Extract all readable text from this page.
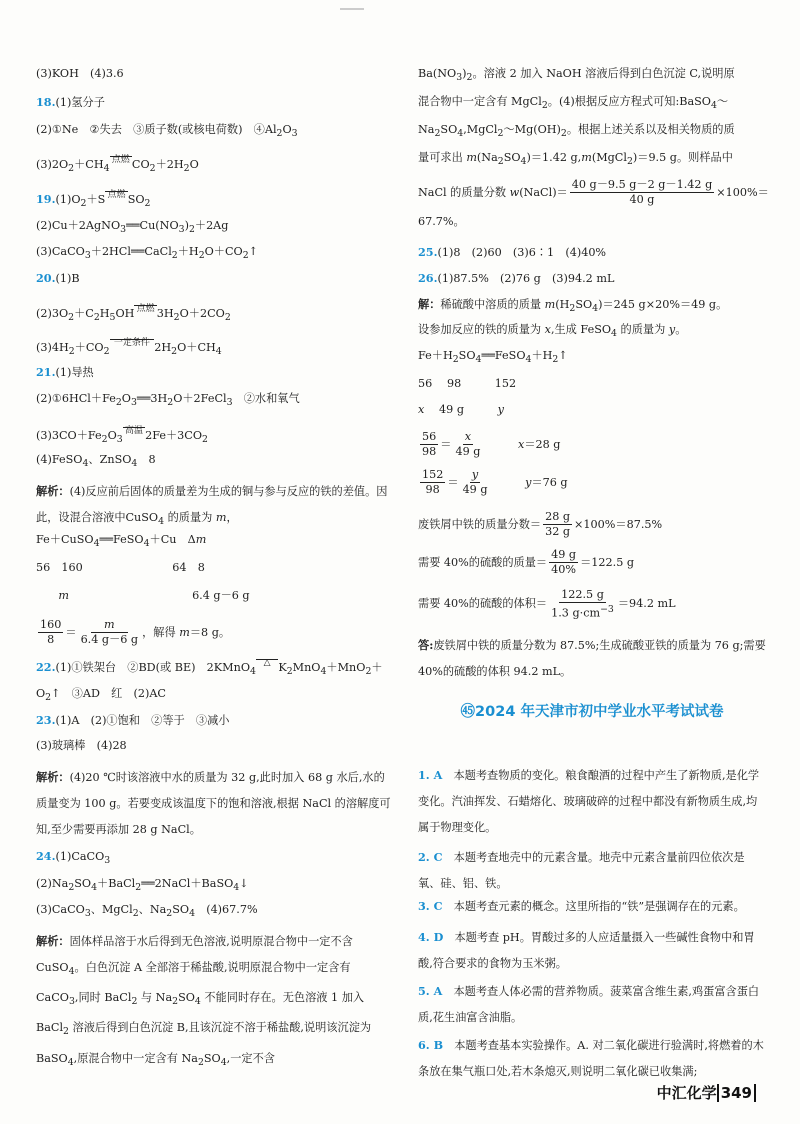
(3)KOH　(4)3.6
18.(1)氢分子
(2)①Ne　②失去　③质子数(或核电荷数)　$④Al_2O_3$
$(3)2O_2+CH_4$
点燃
　　 $CO_2+2H_2O$
$19.(1)O_2+S$ 点燃
　　 $SO_2$
$(2)Cu+2AgNO_3══Cu(NO_3)_2+2Ag$
$(3)CaCO_3+2HCl══CaCl_2+H_2O+CO_2↑$
20.(1)B
$(2)3O_2+C_2H_5OH$ 点燃
　　 $3H_2O+2CO_2$
$(3)4H_2+CO_2$
一定条件
　　　　 $2H_2O+CH_4$
21.(1)导热
$(2)①6HCl+Fe_2O_3══3H_2O+2FeCl_3$　②水和氧气
$(3)3CO+Fe_2O_3$
高温
　　 $2Fe+3CO_2$
(4)FeSO$_4$、ZnSO$_4$　8
解析：(4)反应前后固体的质量差为生成的铜与参与反应的铁的差值。因此，设混合溶液中CuSO$_4$ 的质量为 m，
Fe＋CuSO$_4$══FeSO$_4$＋Cu　Δm
56　160　　　　　　　　64　8
　　m　　　　　　　　　　　6.4 g－6 g
$\frac{160}{8}$ ＝
　 $\frac{m}{6.4 g-6 g}$ ，解得 m＝8 g。
22.(1)①铁架台　②BD(或 BE)　2KMnO$_4$
△
　　 $K_2MnO_4+MnO_2+$
$O_2↑$　③AD　红　(2)AC
23.(1)A　(2)①饱和　②等于　③减小
(3)玻璃棒　(4)28
解析：(4)20 ℃时该溶液中水的质量为 32 g,此时加入 68 g 水后,水的质量变为 100 g。若要变成该温度下的饱和溶液,根据 NaCl 的溶解度可知,至少需要再添加 28 g NaCl。
24.(1)CaCO$_3$
$(2)Na_2SO_4+BaCl_2══2NaCl+BaSO_4↓$
(3)CaCO$_3$、MgCl$_2$、$Na_2SO_4$　(4)67.7%
解析：固体样品溶于水后得到无色溶液,说明原混合物中一定不含 CuSO$_4$。白色沉淀 A 全部溶于稀盐酸,说明原混合物中一定含有 CaCO$_3$,同时 BaCl$_2$ 与 $Na_2SO_4$ 不能同时存在。无色溶液 1 加入 BaCl$_2$ 溶液后得到白色沉淀 B,且该沉淀不溶于稀盐酸,说明该沉淀为 BaSO$_4$,原混合物中一定含有 $Na_2SO_4$,一定不含
$Ba(NO_3)_2$。溶液 2 加入 NaOH 溶液后得到白色沉淀 C,说明原
混合物中一定含有 MgCl$_2$。(4)根据反应方程式可知:BaSO$_4$～
$Na_2SO_4,MgCl_2\sim Mg(OH)_2$。根据上述关系以及相关物质的质
量可求出 $m(Na_2SO_4)=1.42$ g,m(MgCl$_2$)＝9.5 g。则样品中
NaCl 的质量分数 w(NaCl)＝ $\frac{40 g-9.5 g-2 g-1.42 g}{40 g} \times 100\%=$
67.7%。
25.(1)8　(2)60　(3)6∶1　(4)40%
26.(1)87.5%　(2)76 g　(3)94.2 mL
解：稀硫酸中溶质的质量 $m(H_2SO_4)=245$ g×20%＝49 g。
设参加反应的铁的质量为 x,生成 FeSO$_4$ 的质量为 y。
$Fe+H_2SO_4══FeSO_4+H_2↑$
56　 98　　　152
x　 49 g　　　y
$\frac{56}{98} = \frac{x}{49 g}$
　　　	x＝28 g
$\frac{152}{98} = \frac{y}{49 g}$
　　　	y＝76 g
废铁屑中铁的质量分数＝ $\frac{28 g}{32 g} \times 100\%=87.5\%$
需要 40%的硫酸的质量＝ $\frac{49 g}{40\%} =122.5$ g
需要 40%的硫酸的体积＝ $\frac{122.5 g}{1.3 g\cdot cm^{-3}} =94.2$ mL
答:废铁屑中铁的质量分数为 87.5%;生成硫酸亚铁的质量为 76 g;需要 40%的硫酸的体积 94.2 mL。
1. A　本题考查物质的变化。粮食酿酒的过程中产生了新物质,是化学变化。汽油挥发、石蜡熔化、玻璃破碎的过程中都没有新物质生成,均属于物理变化。
2. C　本题考查地壳中的元素含量。地壳中元素含量前四位依次是氧、硅、铝、铁。
3. C　本题考查元素的概念。这里所指的“铁”是强调存在的元素。
4. D　本题考查 pH。胃酸过多的人应适量摄入一些碱性食物中和胃酸,符合要求的食物为玉米粥。
5. A　本题考查人体必需的营养物质。菠菜富含维生素,鸡蛋富含蛋白质,花生油富含油脂。
6. B　本题考查基本实验操作。A. 对二氧化碳进行验满时,将燃着的木条放在集气瓶口处,若木条熄灭,则说明二氧化碳已收集满;
㊺2024 年天津市初中学业水平考试试卷
中汇化学 349
